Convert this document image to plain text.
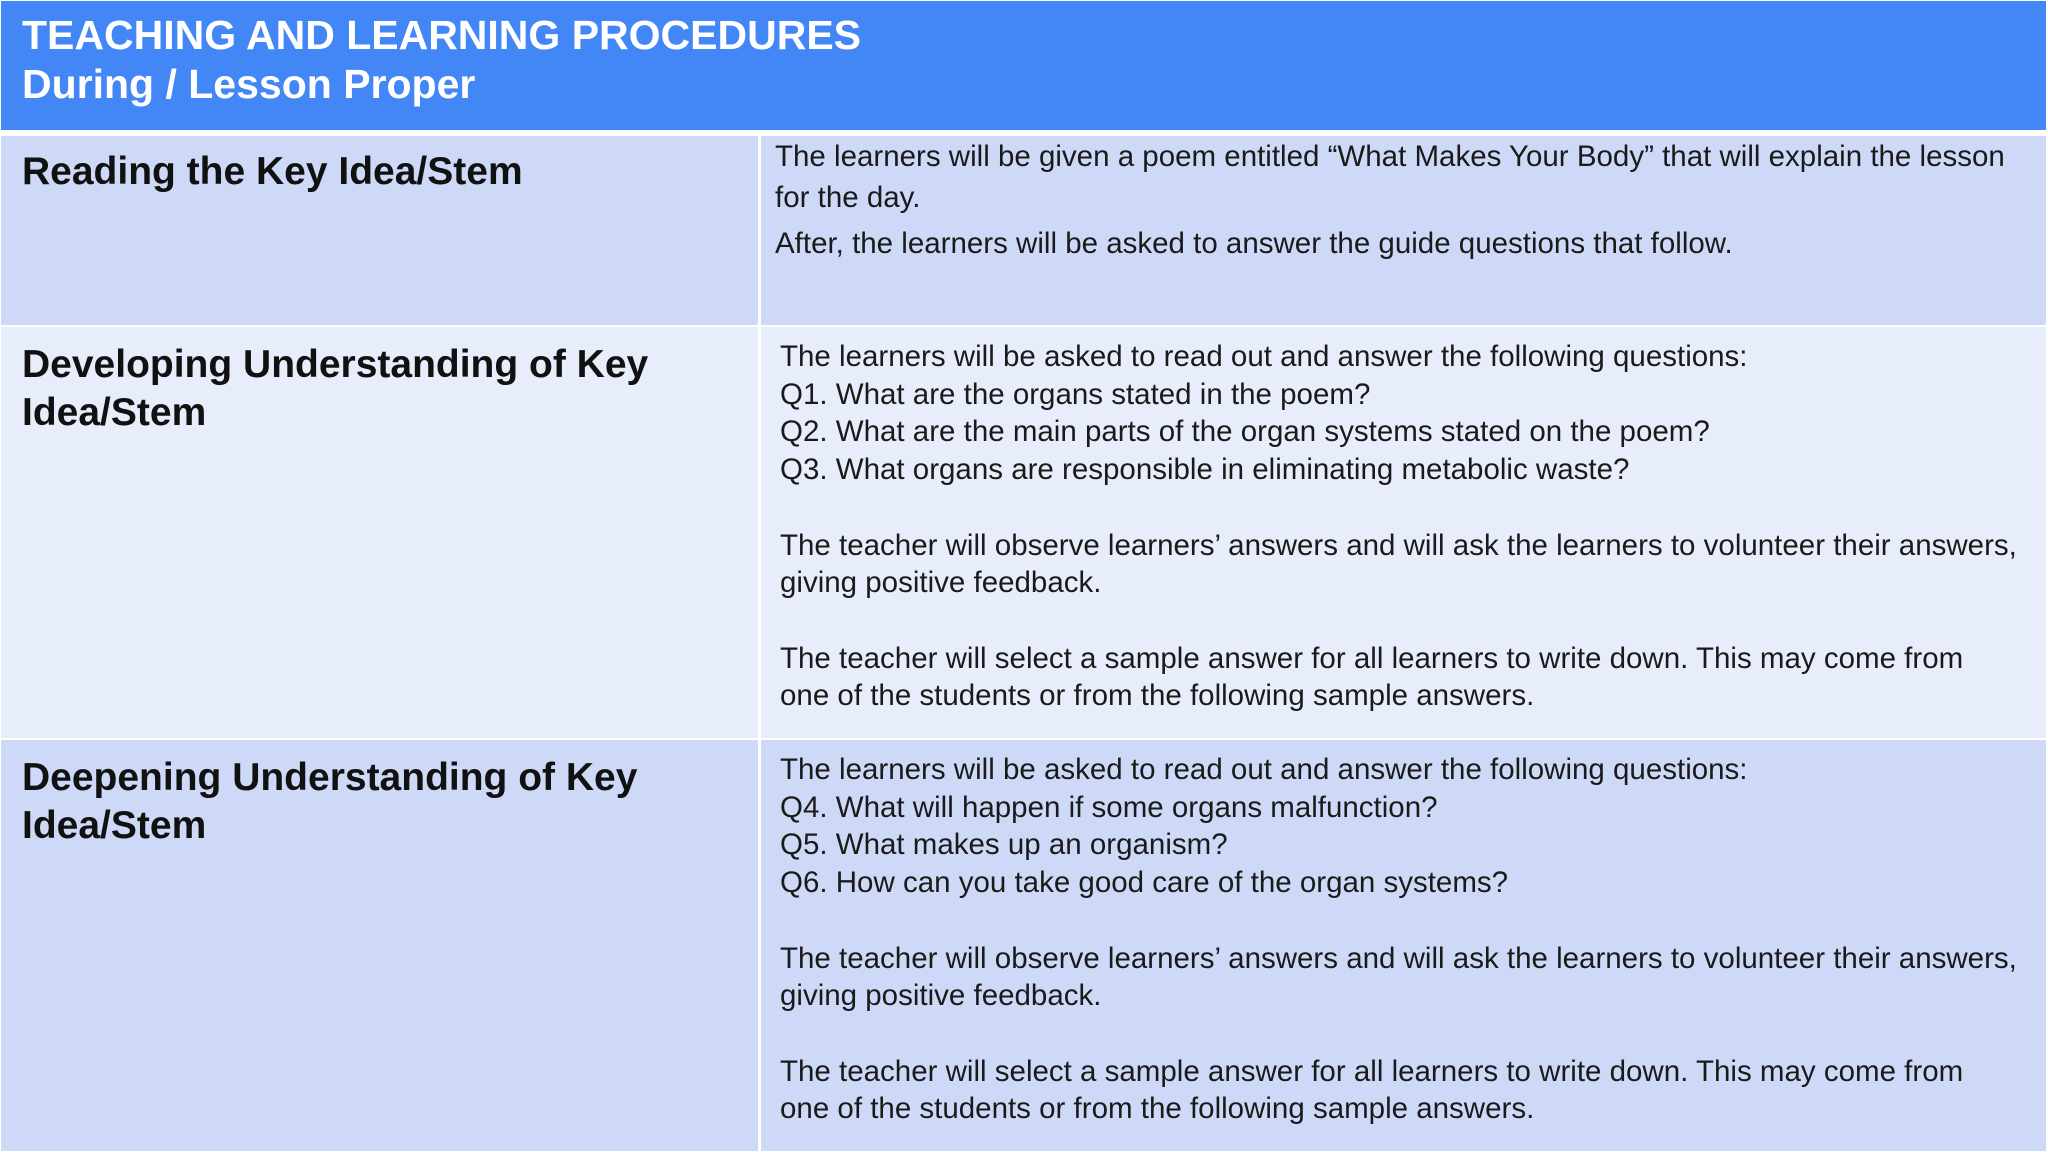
TEACHING AND LEARNING PROCEDURES
During / Lesson Proper
Reading the Key Idea/Stem	The learners will be given a poem entitled “What Makes Your Body” that will explain the lesson for the day.

After, the learners will be asked to answer the guide questions that follow.

Developing Understanding of Key Idea/Stem
The learners will be asked to read out and answer the following questions:
Q1. What are the organs stated in the poem?
Q2. What are the main parts of the organ systems stated on the poem?
Q3. What organs are responsible in eliminating metabolic waste?

The teacher will observe learners’ answers and will ask the learners to volunteer their answers, giving positive feedback.

The teacher will select a sample answer for all learners to write down. This may come from one of the students or from the following sample answers.

Deepening Understanding of Key Idea/Stem
The learners will be asked to read out and answer the following questions:
Q4. What will happen if some organs malfunction?
Q5. What makes up an organism?
Q6. How can you take good care of the organ systems?

The teacher will observe learners’ answers and will ask the learners to volunteer their answers, giving positive feedback.

The teacher will select a sample answer for all learners to write down. This may come from one of the students or from the following sample answers.
